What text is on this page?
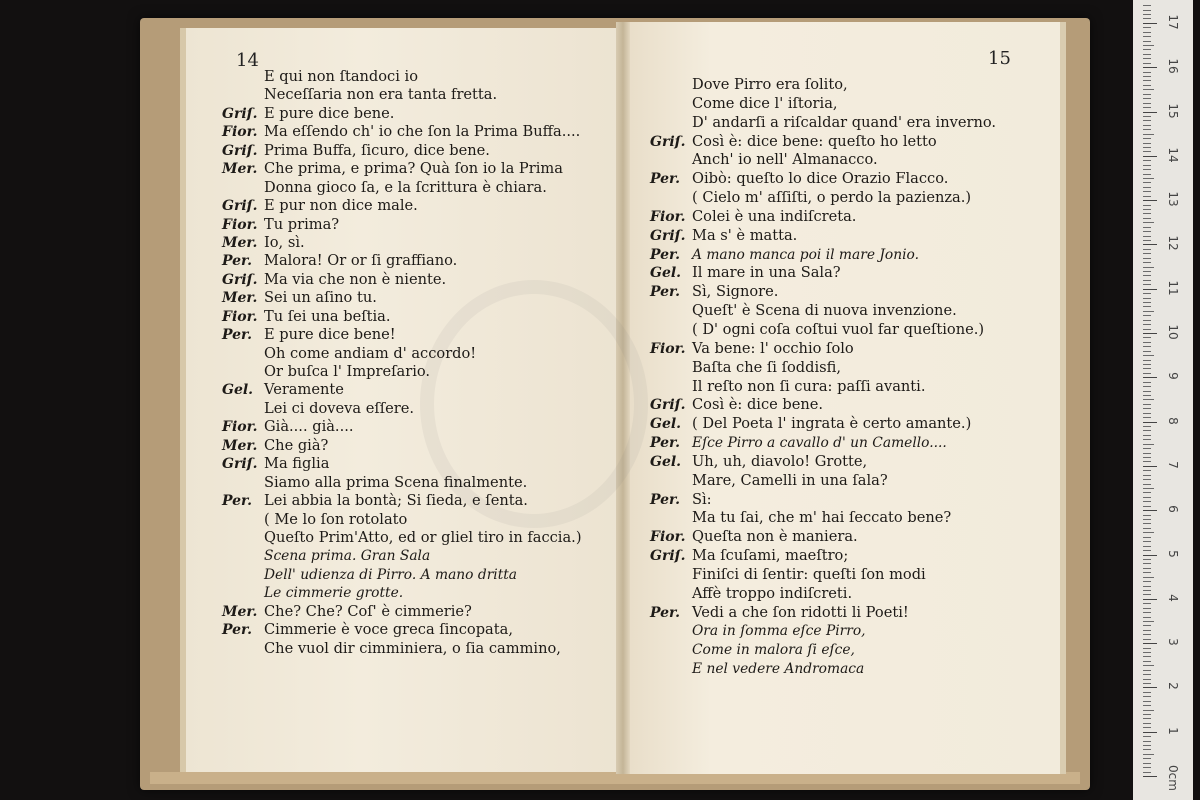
14	15
E qui non ſtandoci io
Neceſſaria non era tanta fretta.
Griſ. E pure dice bene.
Fior. Ma eſſendo ch' io che ſon la Prima Buffa....
Griſ. Prima Buffa, ſicuro, dice bene.
Mer. Che prima, e prima? Quà ſon io la Prima
Donna gioco ſa, e la ſcrittura è chiara.
Griſ. E pur non dice male.
Fior. Tu prima?
Mer. Io, sì.
Per. Malora! Or or ſi graffiano.
Griſ. Ma via che non è niente.
Mer. Sei un aſino tu.
Fior. Tu ſei una beſtia.
Per. E pure dice bene!
Oh come andiam d' accordo!
Or buſca l' Impreſario.
Gel. Veramente
Lei ci doveva eſſere.
Fior. Già.... già....
Mer. Che già?
Griſ. Ma figlia
Siamo alla prima Scena finalmente.
Per. Lei abbia la bontà; Si ſieda, e ſenta.
( Me lo ſon rotolato
Queſto Prim'Atto, ed or gliel tiro in faccia.)
Scena prima. Gran Sala
Dell' udienza di Pirro. A mano dritta
Le cimmerie grotte.
Mer. Che? Che? Coſ' è cimmerie?
Per. Cimmerie è voce greca ſincopata,
Che vuol dir cimminiera, o ſia cammino,
Dove Pirro era ſolito,
Come dice l' iſtoria,
D' andarſi a riſcaldar quand' era inverno.
Griſ. Così è: dice bene: queſto ho letto
Anch' io nell' Almanacco.
Per. Oibò: queſto lo dice Orazio Flacco.
( Cielo m' aſſiſti, o perdo la pazienza.)
Fior. Colei è una indiſcreta.
Griſ. Ma s' è matta.
Per. A mano manca poi il mare Jonio.
Gel. Il mare in una Sala?
Per. Sì, Signore.
Queſt' è Scena di nuova invenzione.
( D' ogni coſa coſtui vuol far queſtione.)
Fior. Va bene: l' occhio ſolo
Baſta che ſi ſoddisfi,
Il reſto non ſi cura: paſſi avanti.
Griſ. Così è: dice bene.
Gel. ( Del Poeta l' ingrata è certo amante.)
Per. Eſce Pirro a cavallo d' un Camello....
Gel. Uh, uh, diavolo! Grotte,
Mare, Camelli in una ſala?
Per. Sì:
Ma tu ſai, che m' hai ſeccato bene?
Fior. Queſta non è maniera.
Griſ. Ma ſcuſami, maeſtro;
Finiſci di ſentir: queſti ſon modi
Affè troppo indiſcreti.
Per. Vedi a che ſon ridotti li Poeti!
Ora in ſomma eſce Pirro,
Come in malora ſi eſce,
E nel vedere Andromaca
0cm
1
2
3
4
5
6
7
8
9
10
11
12
13
14
15
16
17
